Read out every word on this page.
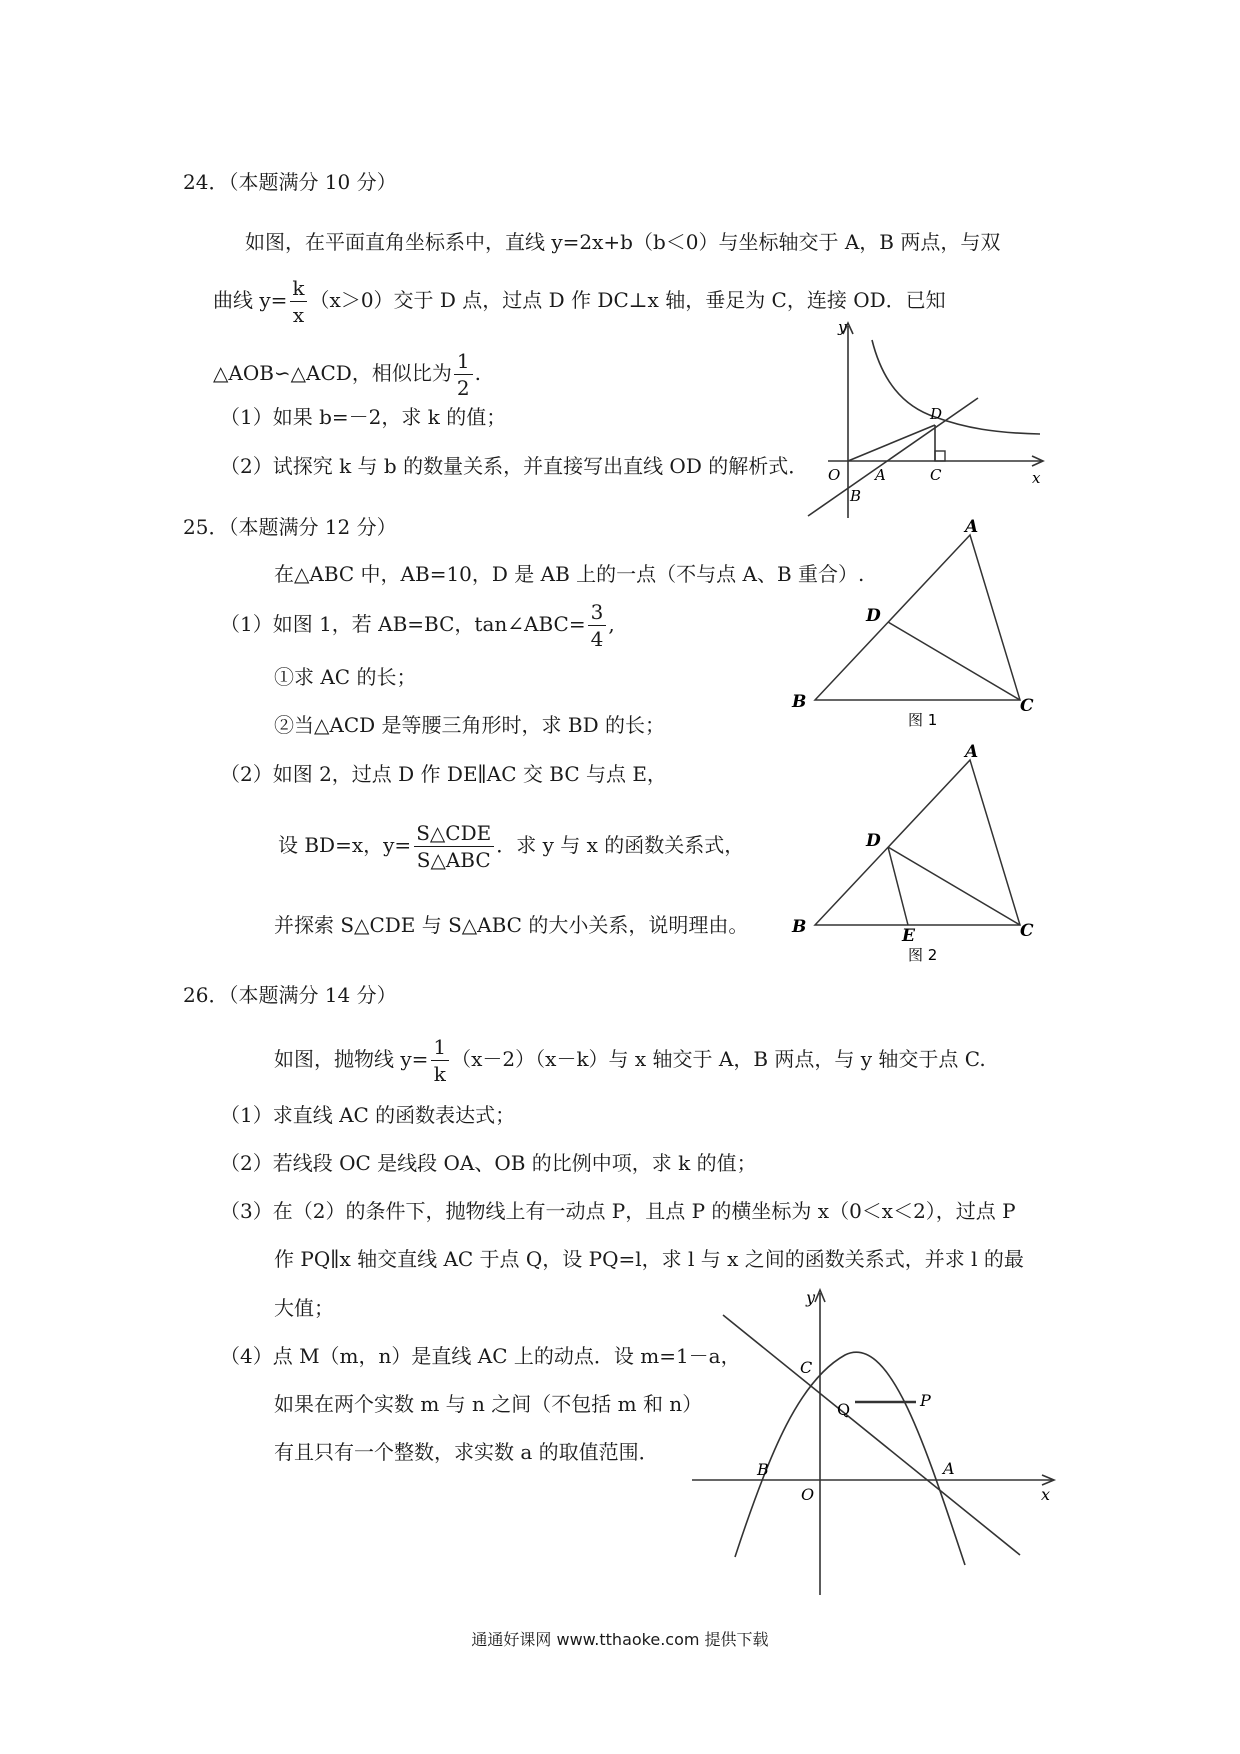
24．（本题满分 10 分）
如图，在平面直角坐标系中，直线 y=2x+b（b＜0）与坐标轴交于 A，B 两点，与双
曲线 $y= \frac{k}{x} (x>0)$交于 D 点，过点 D 作 DC⊥x 轴，垂足为 C，连接 OD．已知
△AOB∽△ACD，相似比为 $\frac{1}{2}$ .
（1）如果 b=－2，求 k 的值；
（2）试探究 k 与 b 的数量关系，并直接写出直线 OD 的解析式．
y
x
O A
B
C
D
25．（本题满分 12 分）
在△ABC 中，AB=10，D 是 AB 上的一点（不与点 A、B 重合）.
（1）如图 1，若 AB=BC，tan∠ABC= $\frac{3}{4}$ ,
①求 AC 的长；
②当△ACD 是等腰三角形时，求 BD 的长；
（2）如图 2，过点 D 作 DE∥AC 交 BC 与点 E，
设 BD=x，$y= \frac{\text{S△CDE}}{\text{S△ABC}}$ ．求 y 与 x 的函数关系式，
并探索 S△CDE 与 S△ABC 的大小关系，说明理由。
A
D
B	C
图 1
A
D
B	C
E
图 2
26．（本题满分 14 分）
如图，抛物线 $y= \frac{1}{k} (x-2)(x-k)$与 x 轴交于 A，B 两点，与 y 轴交于点 C.
（1）求直线 AC 的函数表达式；
（2）若线段 OC 是线段 OA、OB 的比例中项，求 k 的值；
（3）在（2）的条件下，抛物线上有一动点 P，且点 P 的横坐标为 x（0＜x＜2），过点 P
作 PQ∥x 轴交直线 AC 于点 Q，设 PQ=l，求 l 与 x 之间的函数关系式，并求 l 的最
大值；
（4）点 M（m，n）是直线 AC 上的动点．设 m=1－a，
如果在两个实数 m 与 n 之间（不包括 m 和 n）
有且只有一个整数，求实数 a 的取值范围．
y
x
O
B	A
C
Q	P
通通好课网 www.tthaoke.com 提供下载
